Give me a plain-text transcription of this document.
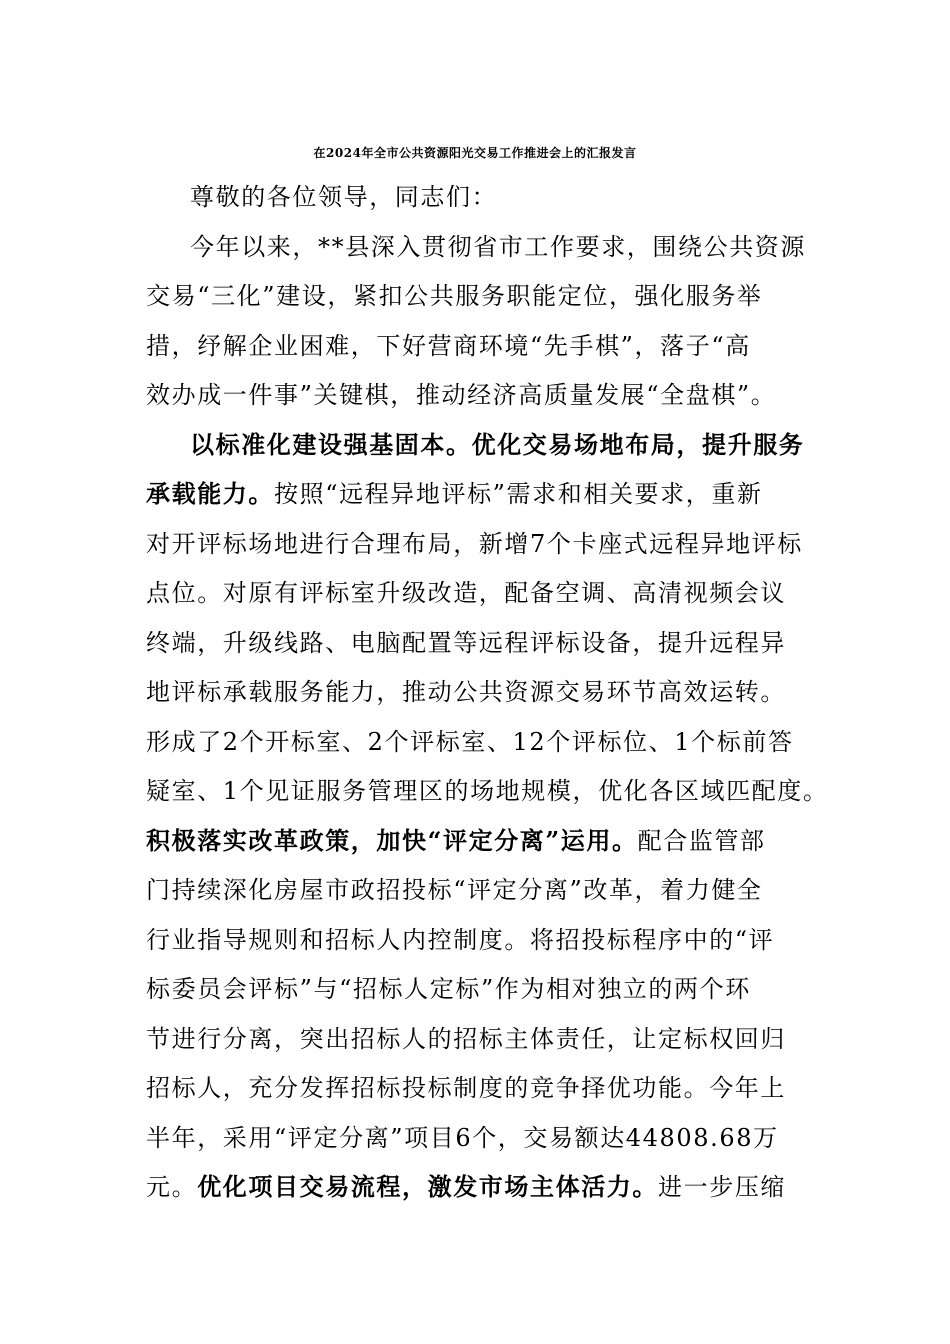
在2024年全市公共资源阳光交易工作推进会上的汇报发言
尊敬的各位领导，同志们：
今年以来，**县深入贯彻省市工作要求，围绕公共资源
交易“三化”建设，紧扣公共服务职能定位，强化服务举
措，纾解企业困难，下好营商环境“先手棋”，落子“高
效办成一件事”关键棋，推动经济高质量发展“全盘棋”。
以标准化建设强基固本。优化交易场地布局，提升服务
承载能力。按照“远程异地评标”需求和相关要求，重新
对开评标场地进行合理布局，新增7个卡座式远程异地评标
点位。对原有评标室升级改造，配备空调、高清视频会议
终端，升级线路、电脑配置等远程评标设备，提升远程异
地评标承载服务能力，推动公共资源交易环节高效运转。
形成了2个开标室、2个评标室、12个评标位、1个标前答
疑室、1个见证服务管理区的场地规模，优化各区域匹配度。
积极落实改革政策，加快“评定分离”运用。配合监管部
门持续深化房屋市政招投标“评定分离”改革，着力健全
行业指导规则和招标人内控制度。将招投标程序中的“评
标委员会评标”与“招标人定标”作为相对独立的两个环
节进行分离，突出招标人的招标主体责任，让定标权回归
招标人，充分发挥招标投标制度的竞争择优功能。今年上
半年，采用“评定分离”项目6个，交易额达44808.68万
元。优化项目交易流程，激发市场主体活力。进一步压缩
